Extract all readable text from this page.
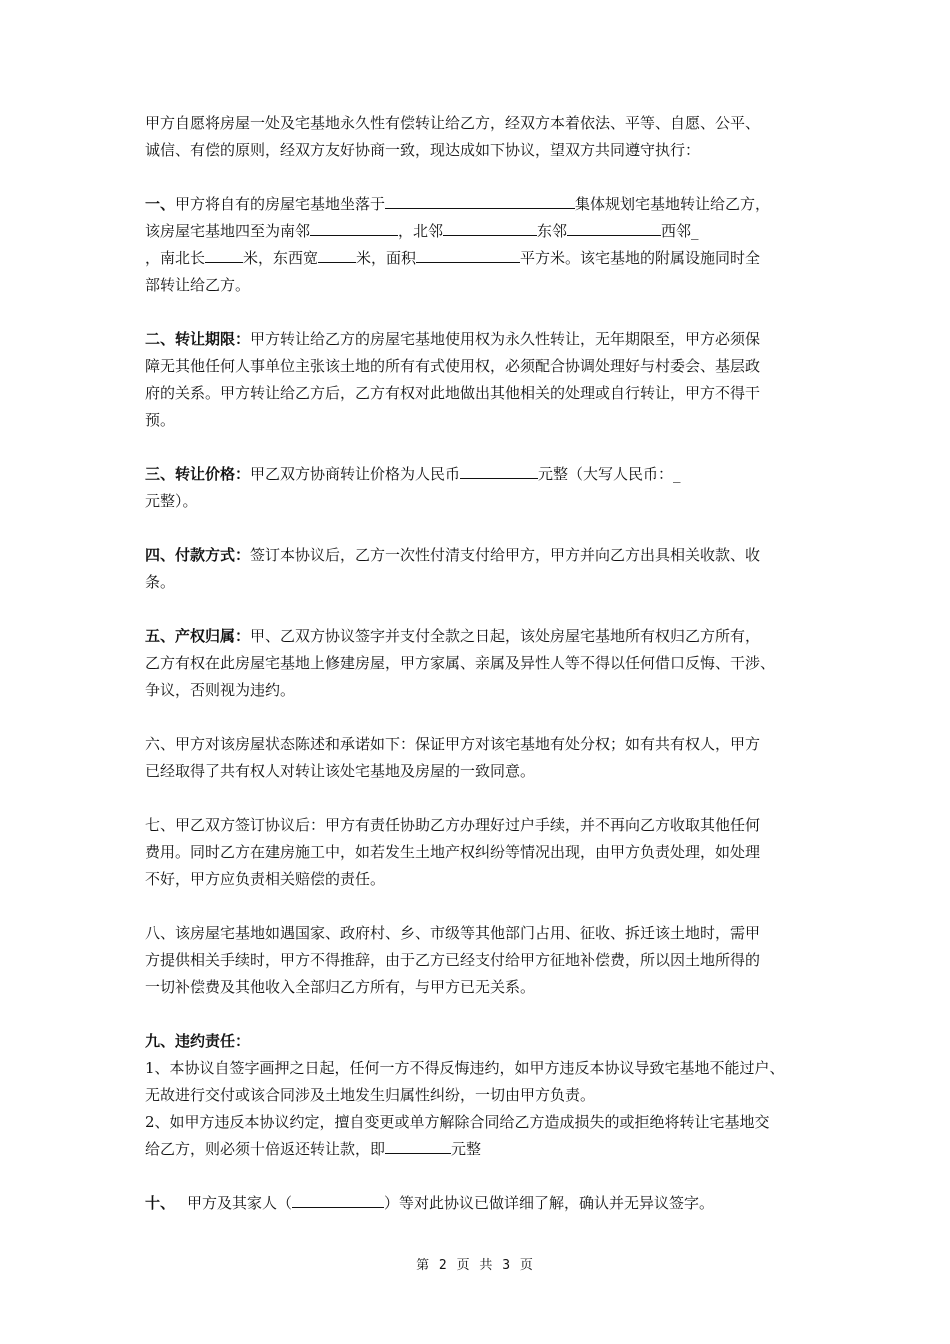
甲方自愿将房屋一处及宅基地永久性有偿转让给乙方，经双方本着依法、平等、自愿、公平、
诚信、有偿的原则，经双方友好协商一致，现达成如下协议，望双方共同遵守执行：
一、甲方将自有的房屋宅基地坐落于	集体规划宅基地转让给乙方，
该房屋宅基地四至为南邻	，北邻	东邻	西邻_
，南北长	米，东西宽	米，面积	平方米。该宅基地的附属设施同时全
部转让给乙方。
二、转让期限：甲方转让给乙方的房屋宅基地使用权为永久性转让，无年期限至，甲方必须保
障无其他任何人事单位主张该土地的所有有式使用权，必须配合协调处理好与村委会、基层政
府的关系。甲方转让给乙方后，乙方有权对此地做出其他相关的处理或自行转让，甲方不得干
预。
三、转让价格：甲乙双方协商转让价格为人民币	元整（大写人民币：_
元整）。
四、付款方式：签订本协议后，乙方一次性付清支付给甲方，甲方并向乙方出具相关收款、收
条。
五、产权归属：甲、乙双方协议签字并支付全款之日起，该处房屋宅基地所有权归乙方所有，
乙方有权在此房屋宅基地上修建房屋，甲方家属、亲属及异性人等不得以任何借口反悔、干涉、
争议，否则视为违约。
六、甲方对该房屋状态陈述和承诺如下：保证甲方对该宅基地有处分权；如有共有权人，甲方
已经取得了共有权人对转让该处宅基地及房屋的一致同意。
七、甲乙双方签订协议后：甲方有责任协助乙方办理好过户手续，并不再向乙方收取其他任何
费用。同时乙方在建房施工中，如若发生土地产权纠纷等情况出现，由甲方负责处理，如处理
不好，甲方应负责相关赔偿的责任。
八、该房屋宅基地如遇国家、政府村、乡、市级等其他部门占用、征收、拆迁该土地时，需甲
方提供相关手续时，甲方不得推辞，由于乙方已经支付给甲方征地补偿费，所以因土地所得的
一切补偿费及其他收入全部归乙方所有，与甲方已无关系。
九、违约责任：
1、本协议自签字画押之日起，任何一方不得反悔违约，如甲方违反本协议导致宅基地不能过户、
无故进行交付或该合同涉及土地发生归属性纠纷，一切由甲方负责。
2、如甲方违反本协议约定，擅自变更或单方解除合同给乙方造成损失的或拒绝将转让宅基地交
给乙方，则必须十倍返还转让款，即	元整
十、 甲方及其家人（	）等对此协议已做详细了解，确认并无异议签字。
第 2 页 共 3 页
